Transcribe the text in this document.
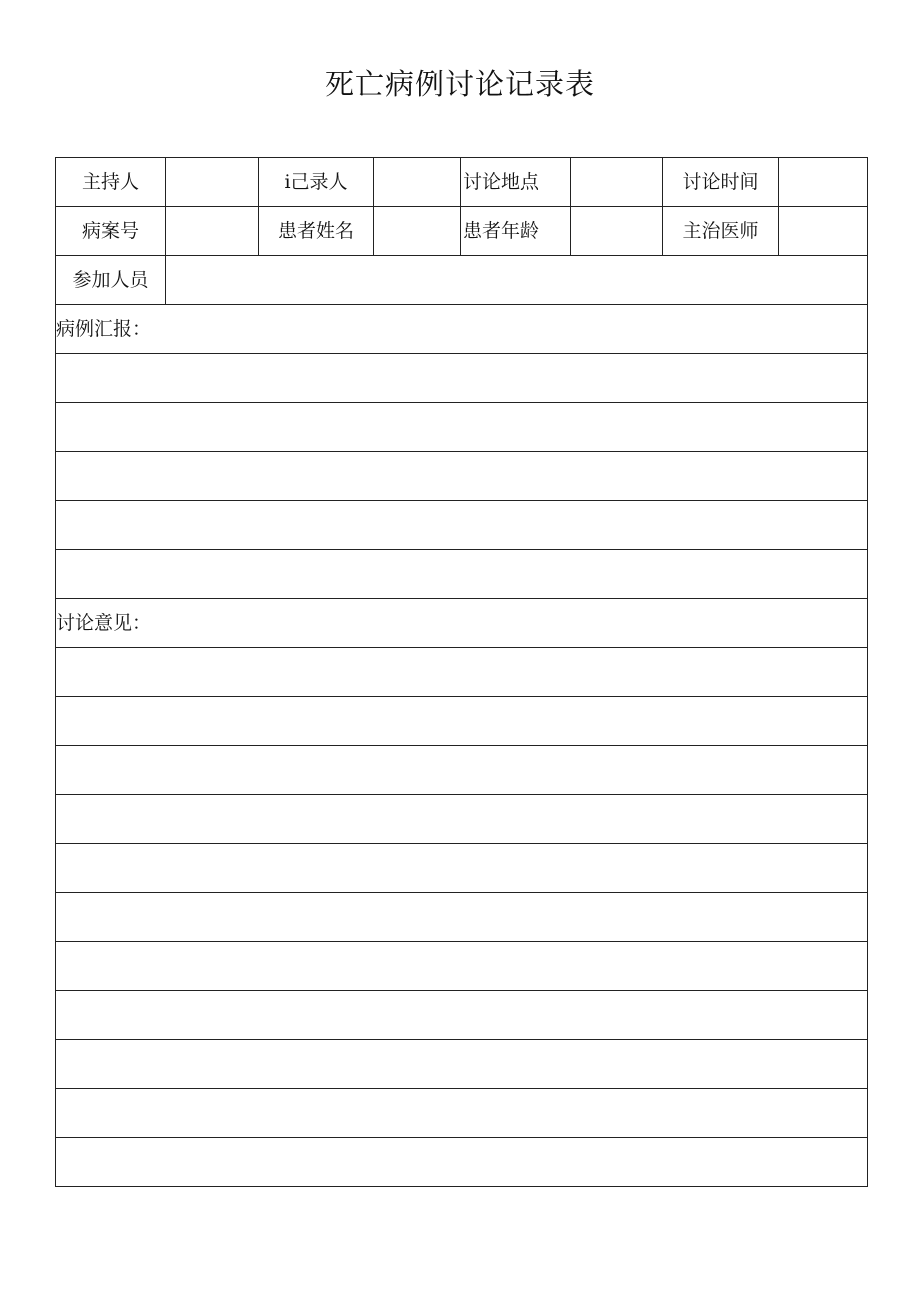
死亡病例讨论记录表
主持人		i己录人		讨论地点		讨论时间	
病案号		患者姓名		患者年龄		主治医师	
参加人员							
病例汇报：							

讨论意见：							
